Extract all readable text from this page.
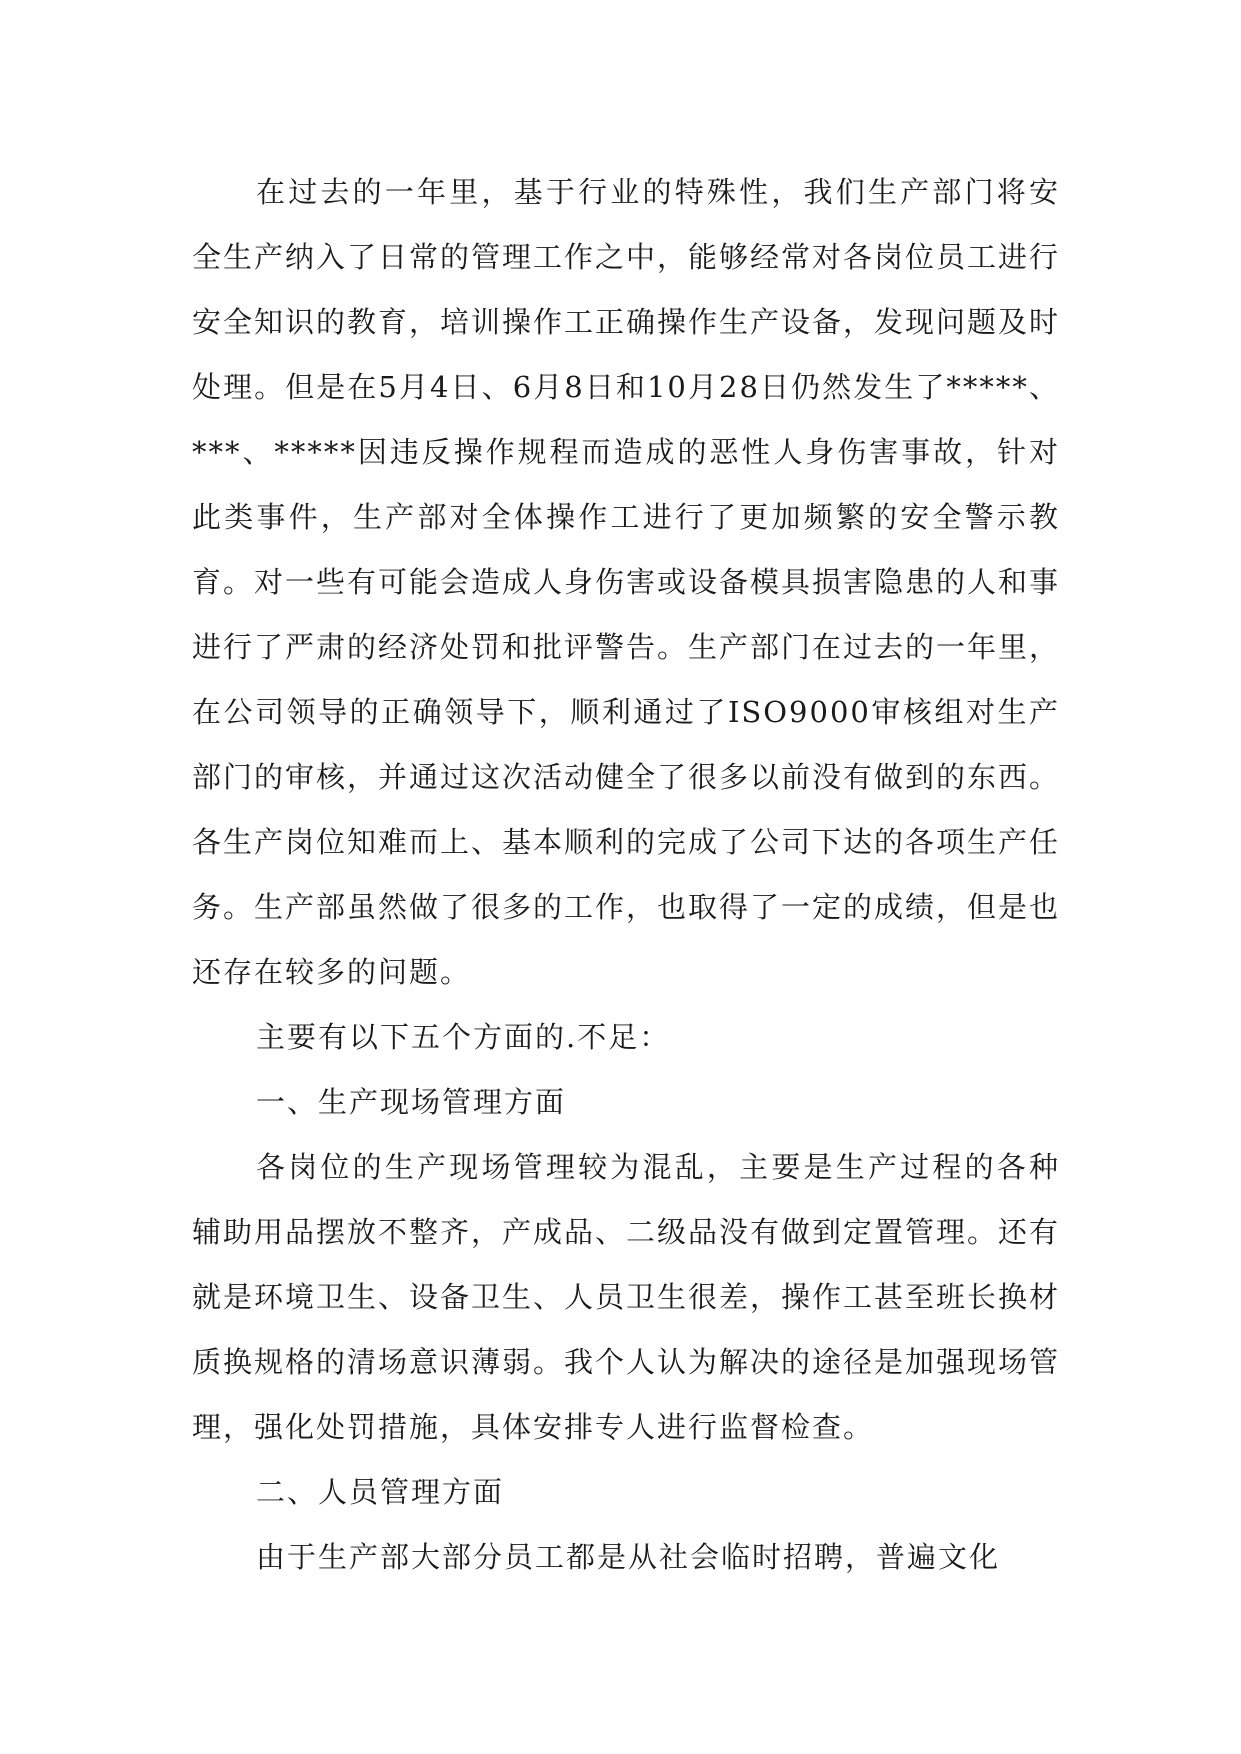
在过去的一年里，基于行业的特殊性，我们生产部门将安全生产纳入了日常的管理工作之中，能够经常对各岗位员工进行安全知识的教育，培训操作工正确操作生产设备，发现问题及时处理。但是在5月4日、6月8日和10月28日仍然发生了*****、***、*****因违反操作规程而造成的恶性人身伤害事故，针对此类事件，生产部对全体操作工进行了更加频繁的安全警示教育。对一些有可能会造成人身伤害或设备模具损害隐患的人和事进行了严肃的经济处罚和批评警告。生产部门在过去的一年里，在公司领导的正确领导下，顺利通过了ISO9000审核组对生产部门的审核，并通过这次活动健全了很多以前没有做到的东西。各生产岗位知难而上、基本顺利的完成了公司下达的各项生产任务。生产部虽然做了很多的工作，也取得了一定的成绩，但是也还存在较多的问题。

主要有以下五个方面的.不足：

一、生产现场管理方面

各岗位的生产现场管理较为混乱，主要是生产过程的各种辅助用品摆放不整齐，产成品、二级品没有做到定置管理。还有就是环境卫生、设备卫生、人员卫生很差，操作工甚至班长换材质换规格的清场意识薄弱。我个人认为解决的途径是加强现场管理，强化处罚措施，具体安排专人进行监督检查。

二、人员管理方面

由于生产部大部分员工都是从社会临时招聘，普遍文化
